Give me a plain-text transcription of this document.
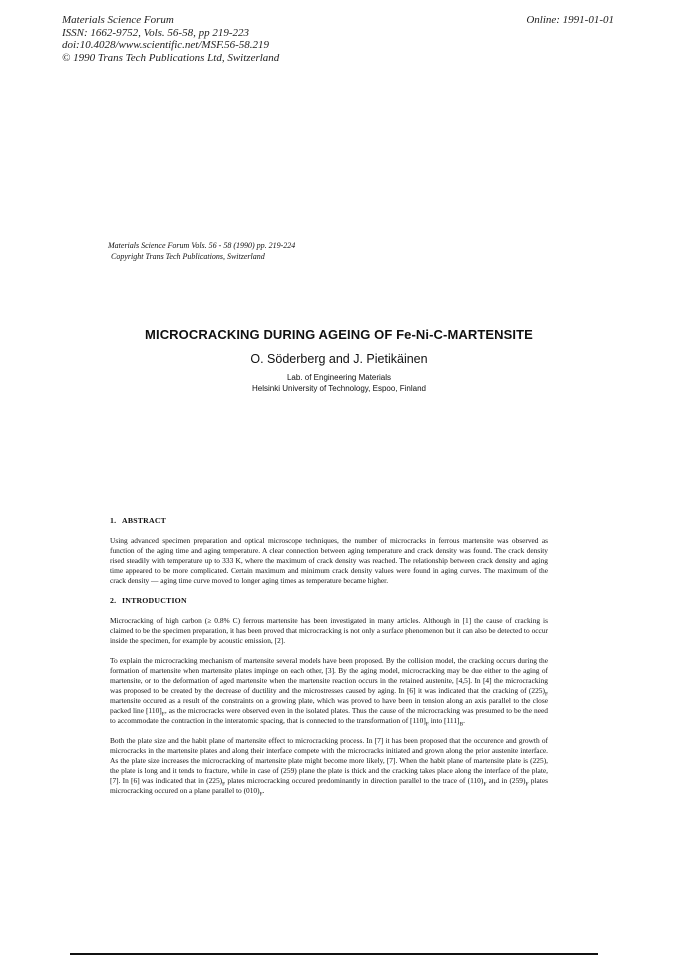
Materials Science Forum
ISSN: 1662-9752, Vols. 56-58, pp 219-223
doi:10.4028/www.scientific.net/MSF.56-58.219
© 1990 Trans Tech Publications Ltd, Switzerland
Online: 1991-01-01
Materials Science Forum Vols. 56 - 58 (1990) pp. 219-224
Copyright Trans Tech Publications, Switzerland
MICROCRACKING DURING AGEING OF Fe-Ni-C-MARTENSITE
O. Söderberg and J. Pietikäinen
Lab. of Engineering Materials
Helsinki University of Technology, Espoo, Finland
1. ABSTRACT

Using advanced specimen preparation and optical microscope techniques, the number of microcracks in ferrous martensite was observed as function of the aging time and aging temperature. A clear connection between aging temperature and crack density was found. The crack density rised steadily with temperature up to 333 K, where the maximum of crack density was reached. The relationship between crack density and aging time appeared to be more complicated. Certain maximum and minimum crack density values were found in aging curves. The maximum of the crack density — aging time curve moved to longer aging times as temperature became higher.

2. INTRODUCTION

Microcracking of high carbon (≥ 0.8% C) ferrous martensite has been investigated in many articles. Although in [1] the cause of cracking is claimed to be the specimen preparation, it has been proved that microcracking is not only a surface phenomenon but it can also be detected to occur inside the specimen, for example by acoustic emission, [2].

To explain the microcracking mechanism of martensite several models have been proposed. By the collision model, the cracking occurs during the formation of martensite when martensite plates impinge on each other, [3]. By the aging model, microcracking may be due either to the aging of martensite, or to the deformation of aged martensite when the martensite reaction occurs in the retained austenite, [4,5]. In [4] the microcracking was proposed to be created by the decrease of ductility and the microstresses caused by aging. In [6] it was indicated that the cracking of $(225)_F$ martensite occured as a result of the constraints on a growing plate, which was proved to have been in tension along an axis parallel to the close packed line $[110]_F$, as the microcracks were observed even in the isolated plates. Thus the cause of the microcracking was presumed to be the need to accommodate the contraction in the interatomic spacing, that is connected to the transformation of $[110]_F$ into $[111]_B$.

Both the plate size and the habit plane of martensite effect to microcracking process. In [7] it has been proposed that the occurence and growth of microcracks in the martensite plates and along their interface compete with the microcracks initiated and grown along the prior austenite interface. As the plate size increases the microcracking of martensite plate might become more likely, [7]. When the habit plane of martensite plate is (225), the plate is long and it tends to fracture, while in case of (259) plane the plate is thick and the cracking takes place along the interface of the plate, [7]. In [6] was indicated that in $(225)_F$ plates microcracking occured predominantly in direction parallel to the trace of $(110)_F$ and in $(259)_F$ plates microcracking occured on a plane parallel to $(010)_F$.
